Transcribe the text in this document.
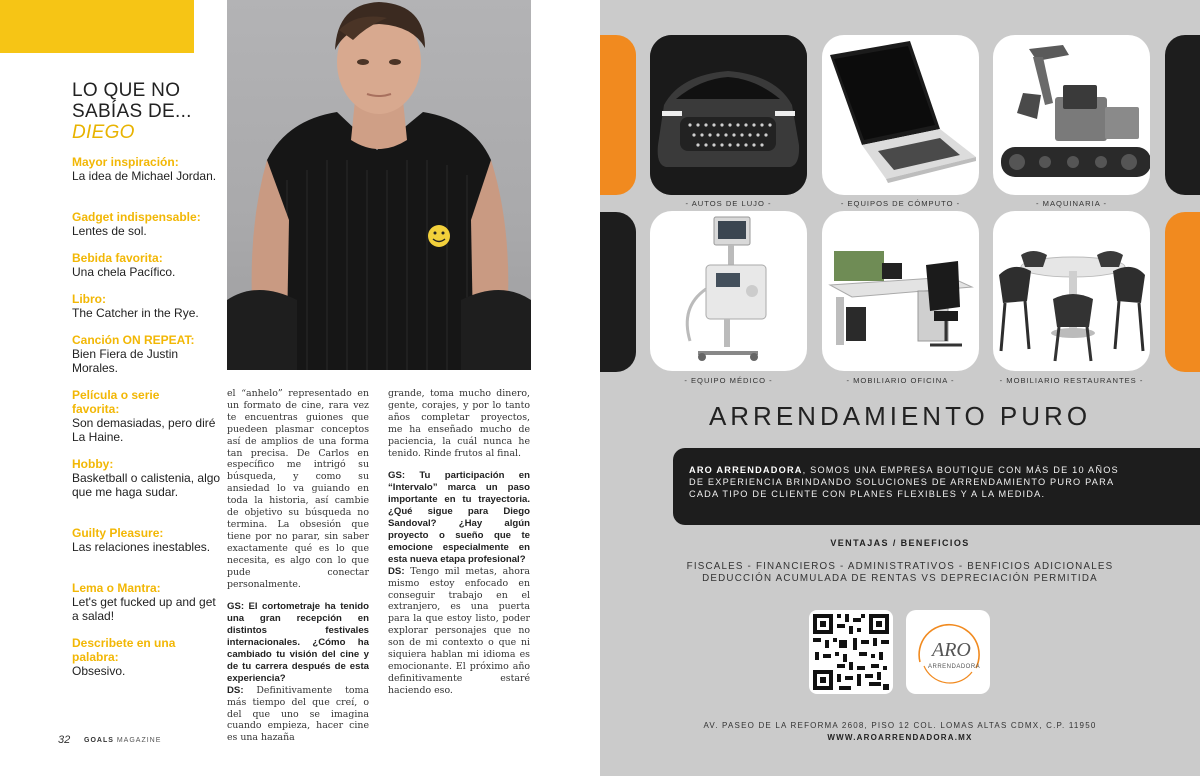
LO QUE NO
SABÍAS DE...
DIEGO
Mayor inspiración:
La idea de Michael Jordan.
Gadget indispensable:
Lentes de sol.
Bebida favorita:
Una chela Pacífico.
Libro:
The Catcher in the Rye.
Canción ON REPEAT:
Bien Fiera de Justin Morales.
Película o serie favorita:
Son demasiadas, pero diré La Haine.
Hobby:
Basketball o calistenia, algo que me haga sudar.
Guilty Pleasure:
Las relaciones inestables.
Lema o Mantra:
Let's get fucked up and get a salad!
Describete en una palabra:
Obsesivo.

el “anhelo” representado en un formato de cine, rara vez te encuentras guiones que puedeen plasmar conceptos así de amplios de una forma tan precisa. De Carlos en específico me intrigó su búsqueda, y como su ansiedad lo va guiando en toda la historia, así cambie de objetivo su búsqueda no termina. La obsesión que tiene por no parar, sin saber exactamente qué es lo que necesita, es algo con lo que pude conectar personalmente.

GS: El cortometraje ha tenido una gran recepción en distintos festivales internacionales. ¿Cómo ha cambiado tu visión del cine y de tu carrera después de esta experiencia?
DS: Definitivamente toma más tiempo del que creí, o del que uno se imagina cuando empieza, hacer cine es una hazaña

grande, toma mucho dinero, gente, corajes, y por lo tanto años completar proyectos, me ha enseñado mucho de paciencia, la cuál nunca he tenido. Rinde frutos al final.

GS: Tu participación en “Intervalo” marca un paso importante en tu trayectoria. ¿Qué sigue para Diego Sandoval? ¿Hay algún proyecto o sueño que te emocione especialmente en esta nueva etapa profesional?
DS: Tengo mil metas, ahora mismo estoy enfocado en conseguir trabajo en el extranjero, es una puerta para la que estoy listo, poder explorar personajes que no son de mi contexto o que ni siquiera hablan mi idioma es emocionante. El próximo año definitivamente estaré haciendo eso.

32 GOALS MAGAZINE
- AUTOS DE LUJO -	- EQUIPOS DE CÓMPUTO -	- MAQUINARIA -
- EQUIPO MÉDICO -	- MOBILIARIO OFICINA -	- MOBILIARIO RESTAURANTES -
ARRENDAMIENTO PURO
ARO ARRENDADORA, SOMOS UNA EMPRESA BOUTIQUE CON MÁS DE 10 AÑOS DE EXPERIENCIA BRINDANDO SOLUCIONES DE ARRENDAMIENTO PURO PARA CADA TIPO DE CLIENTE CON PLANES FLEXIBLES Y A LA MEDIDA.
VENTAJAS / BENEFICIOS
FISCALES - FINANCIEROS - ADMINISTRATIVOS - BENFICIOS ADICIONALES
DEDUCCIÓN ACUMULADA DE RENTAS VS DEPRECIACIÓN PERMITIDA
ARO
ARRENDADORA
AV. PASEO DE LA REFORMA 2608, PISO 12 COL. LOMAS ALTAS CDMX, C.P. 11950
WWW.AROARRENDADORA.MX
